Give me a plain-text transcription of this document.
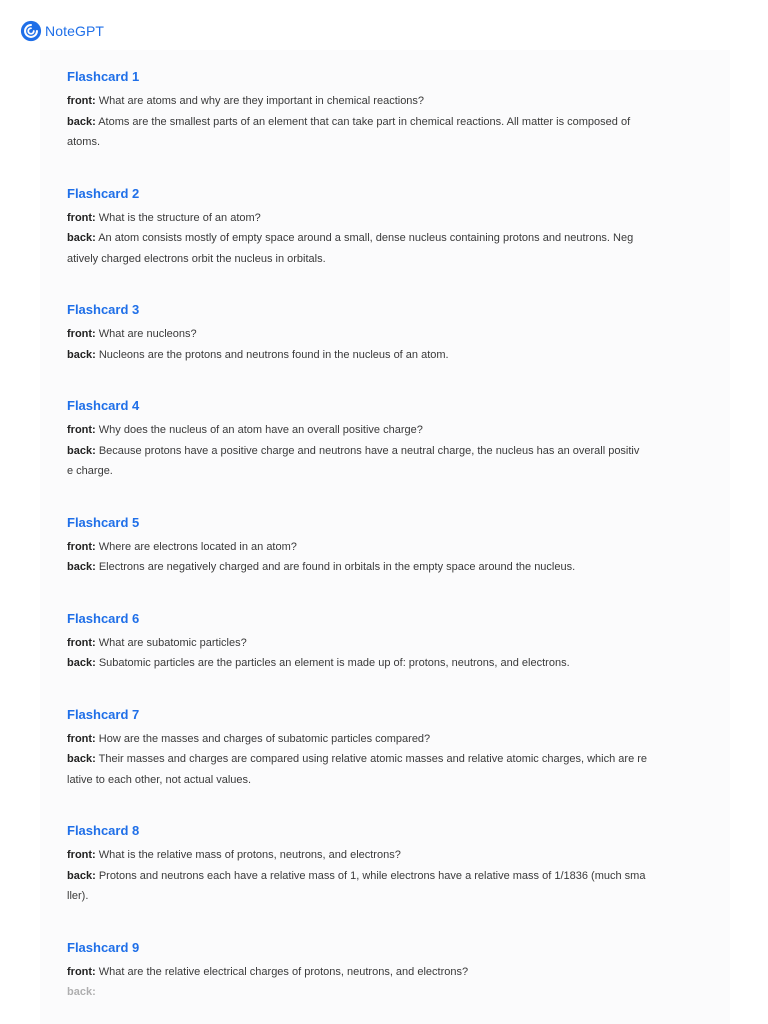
NoteGPT
Flashcard 1
front: What are atoms and why are they important in chemical reactions?
back: Atoms are the smallest parts of an element that can take part in chemical reactions. All matter is composed of
atoms.
Flashcard 2
front: What is the structure of an atom?
back: An atom consists mostly of empty space around a small, dense nucleus containing protons and neutrons. Neg
atively charged electrons orbit the nucleus in orbitals.
Flashcard 3
front: What are nucleons?
back: Nucleons are the protons and neutrons found in the nucleus of an atom.
Flashcard 4
front: Why does the nucleus of an atom have an overall positive charge?
back: Because protons have a positive charge and neutrons have a neutral charge, the nucleus has an overall positiv
e charge.
Flashcard 5
front: Where are electrons located in an atom?
back: Electrons are negatively charged and are found in orbitals in the empty space around the nucleus.
Flashcard 6
front: What are subatomic particles?
back: Subatomic particles are the particles an element is made up of: protons, neutrons, and electrons.
Flashcard 7
front: How are the masses and charges of subatomic particles compared?
back: Their masses and charges are compared using relative atomic masses and relative atomic charges, which are re
lative to each other, not actual values.
Flashcard 8
front: What is the relative mass of protons, neutrons, and electrons?
back: Protons and neutrons each have a relative mass of 1, while electrons have a relative mass of 1/1836 (much sma
ller).
Flashcard 9
front: What are the relative electrical charges of protons, neutrons, and electrons?
back:
